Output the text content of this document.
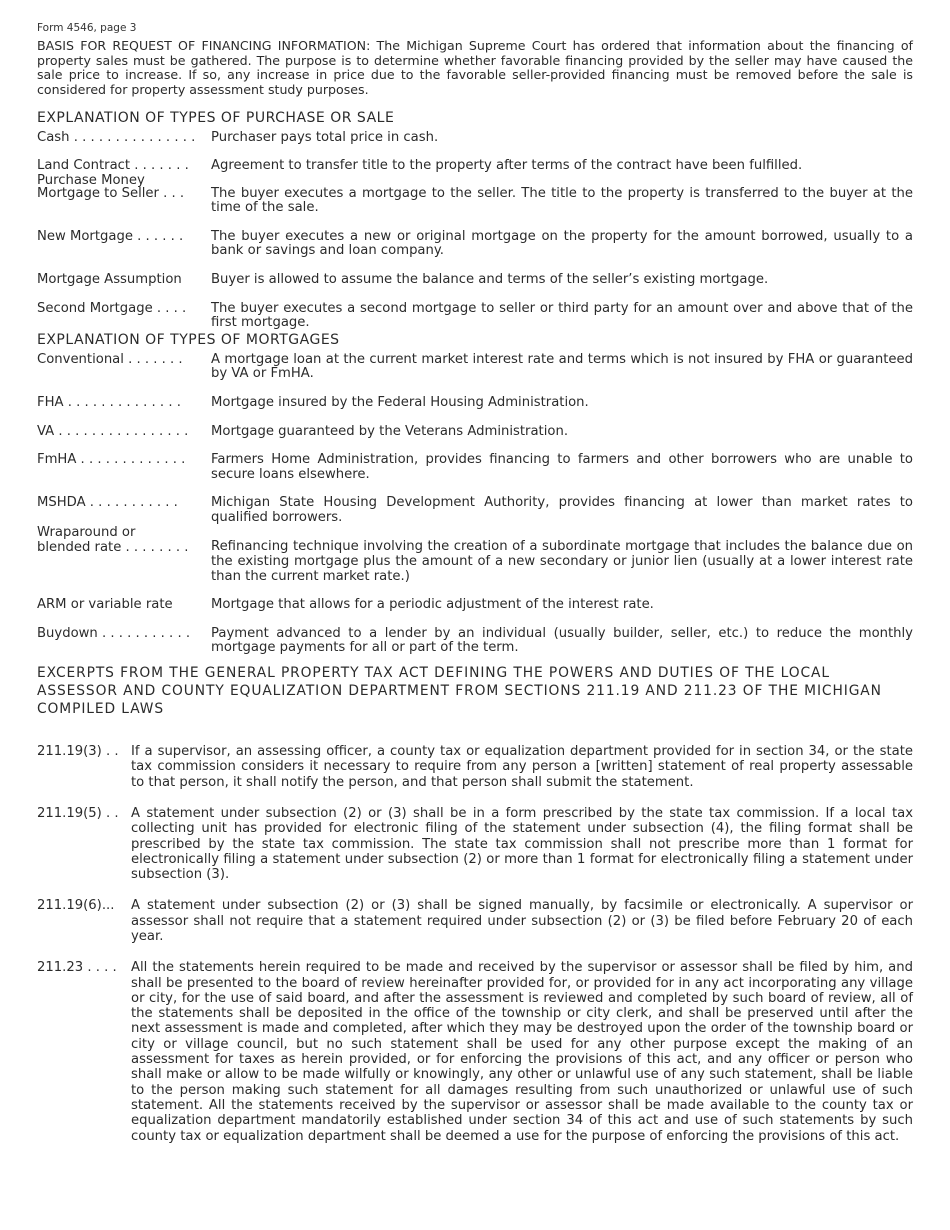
Form 4546, page 3

BASIS FOR REQUEST OF FINANCING INFORMATION: The Michigan Supreme Court has ordered that information about the financing of property sales must be gathered. The purpose is to determine whether favorable financing provided by the seller may have caused the sale price to increase. If so, any increase in price due to the favorable seller-provided financing must be removed before the sale is considered for property assessment study purposes.

EXPLANATION OF TYPES OF PURCHASE OR SALE
Cash . . . . . . . . . . . . . . .	Purchaser pays total price in cash.
Land Contract . . . . . . .	Agreement to transfer title to the property after terms of the contract have been fulfilled.
Purchase Money
Mortgage to Seller . . .	The buyer executes a mortgage to the seller. The title to the property is transferred to the buyer at the time of the sale.
New Mortgage . . . . . .	The buyer executes a new or original mortgage on the property for the amount borrowed, usually to a bank or savings and loan company.
Mortgage Assumption	Buyer is allowed to assume the balance and terms of the seller’s existing mortgage.
Second Mortgage . . . .	The buyer executes a second mortgage to seller or third party for an amount over and above that of the first mortgage.
EXPLANATION OF TYPES OF MORTGAGES
Conventional . . . . . . .	A mortgage loan at the current market interest rate and terms which is not insured by FHA or guaranteed by VA or FmHA.
FHA . . . . . . . . . . . . . .	Mortgage insured by the Federal Housing Administration.
VA . . . . . . . . . . . . . . . .	Mortgage guaranteed by the Veterans Administration.
FmHA . . . . . . . . . . . . .	Farmers Home Administration, provides financing to farmers and other borrowers who are unable to secure loans elsewhere.
MSHDA . . . . . . . . . . .	Michigan State Housing Development Authority, provides financing at lower than market rates to qualified borrowers.
Wraparound or
blended rate . . . . . . . .	Refinancing technique involving the creation of a subordinate mortgage that includes the balance due on the existing mortgage plus the amount of a new secondary or junior lien (usually at a lower interest rate than the current market rate.)
ARM or variable rate	Mortgage that allows for a periodic adjustment of the interest rate.
Buydown . . . . . . . . . . .	Payment advanced to a lender by an individual (usually builder, seller, etc.) to reduce the monthly mortgage payments for all or part of the term.
EXCERPTS FROM THE GENERAL PROPERTY TAX ACT DEFINING THE POWERS AND DUTIES OF THE LOCAL ASSESSOR AND COUNTY EQUALIZATION DEPARTMENT FROM SECTIONS 211.19 AND 211.23 OF THE MICHIGAN COMPILED LAWS
211.19(3) . . If a supervisor, an assessing officer, a county tax or equalization department provided for in section 34, or the state tax commission considers it necessary to require from any person a [written] statement of real property assessable to that person, it shall notify the person, and that person shall submit the statement.
211.19(5) . . A statement under subsection (2) or (3) shall be in a form prescribed by the state tax commission. If a local tax collecting unit has provided for electronic filing of the statement under subsection (4), the filing format shall be prescribed by the state tax commission. The state tax commission shall not prescribe more than 1 format for electronically filing a statement under subsection (2) or more than 1 format for electronically filing a statement under subsection (3).
211.19(6)...	A statement under subsection (2) or (3) shall be signed manually, by facsimile or electronically. A supervisor or assessor shall not require that a statement required under subsection (2) or (3) be filed before February 20 of each year.
211.23 . . . .	All the statements herein required to be made and received by the supervisor or assessor shall be filed by him, and shall be presented to the board of review hereinafter provided for, or provided for in any act incorporating any village or city, for the use of said board, and after the assessment is reviewed and completed by such board of review, all of the statements shall be deposited in the office of the township or city clerk, and shall be preserved until after the next assessment is made and completed, after which they may be destroyed upon the order of the township board or city or village council, but no such statement shall be used for any other purpose except the making of an assessment for taxes as herein provided, or for enforcing the provisions of this act, and any officer or person who shall make or allow to be made wilfully or knowingly, any other or unlawful use of any such statement, shall be liable to the person making such statement for all damages resulting from such unauthorized or unlawful use of such statement. All the statements received by the supervisor or assessor shall be made available to the county tax or equalization department mandatorily established under section 34 of this act and use of such statements by such county tax or equalization department shall be deemed a use for the purpose of enforcing the provisions of this act.
